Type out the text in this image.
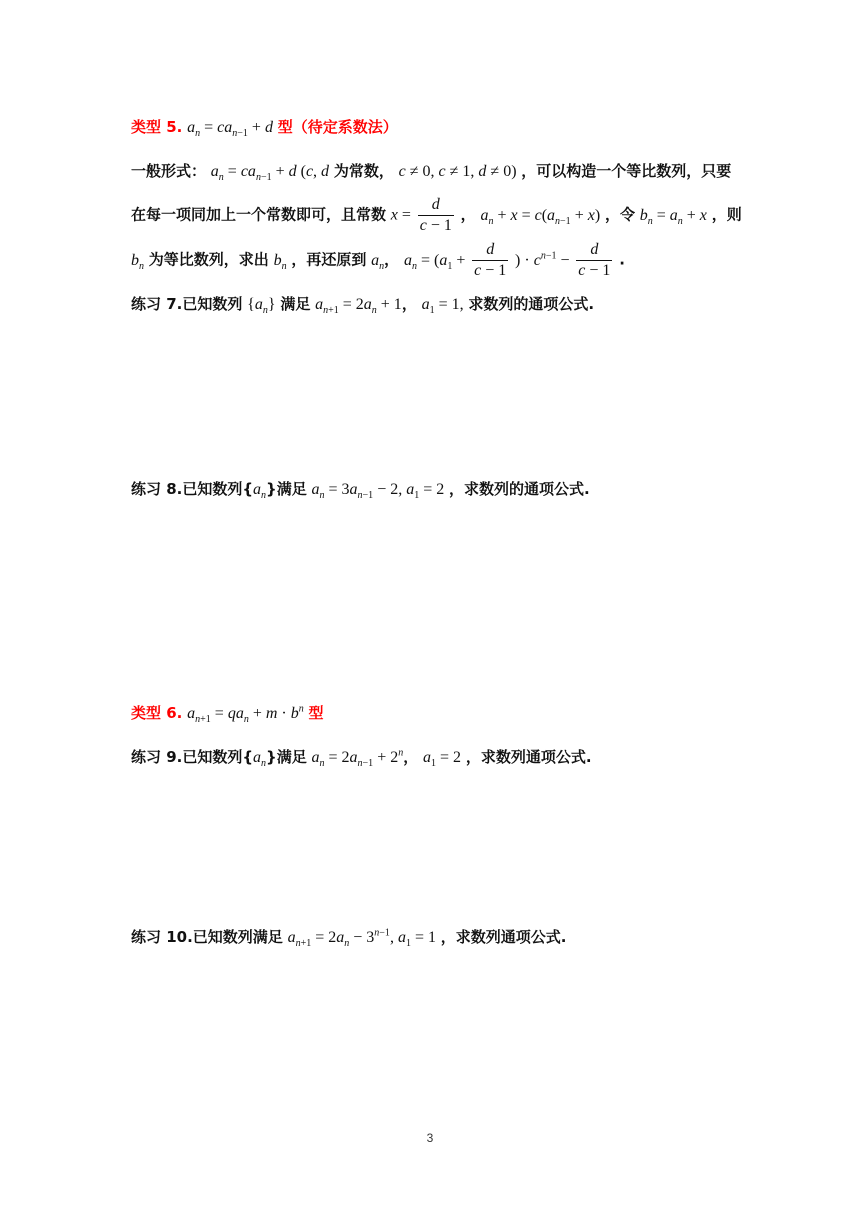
类型 5. $a_n = ca_{n-1} + d$ 型（待定系数法）
一般形式： $a_n = ca_{n-1} + d$ (c, d 为常数， c ≠ 0, c ≠ 1, d ≠ 0) ，可以构造一个等比数列，只要
在每一项同加上一个常数即可，且常数 $x = \frac{d}{c - 1}$ ， $a_n + x = c(a_{n-1} + x)$ ，令 $b_n = a_n + x$ ，则
$b_n$ 为等比数列，求出 $b_n$ ，再还原到 $a_n$， $a_n = (a_1 + \frac{d}{c - 1}$ ) · $c^{n-1} - \frac{d}{c - 1}$ .
练习 7.已知数列 $\{a_n\}$ 满足 $a_{n+1} = 2a_n + 1$， $a_1 = 1$, 求数列的通项公式.
练习 8.已知数列$\{a_n\}$满足 $a_n = 3a_{n-1} - 2$, $a_1 = 2$ ，求数列的通项公式.
类型 6. $a_{n+1} = qa_n + m \cdot b^n$ 型
练习 9.已知数列$\{a_n\}$满足 $a_n = 2a_{n-1} + 2^n$， $a_1 = 2$ ，求数列通项公式.
练习 10.已知数列满足 $a_{n+1} = 2a_n - 3^{n-1}$, $a_1 = 1$ ，求数列通项公式.
3
